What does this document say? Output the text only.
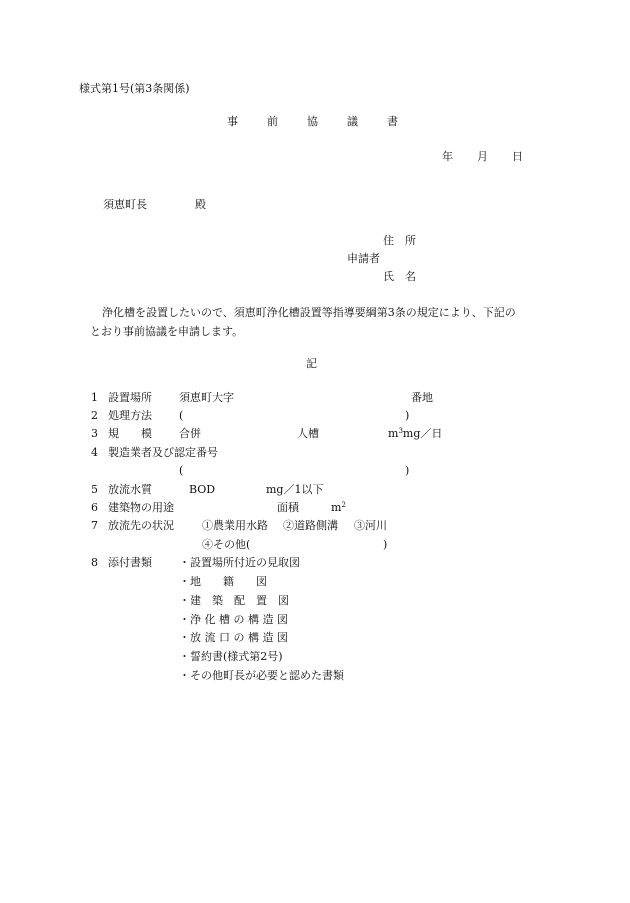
様式第1号(第3条関係)
事	前	協	議	書
年 月 日
須恵町長	殿
住　所
申請者
氏　名
浄化槽を設置したいので、須恵町浄化槽設置等指導要綱第3条の規定により、下記の
とおり事前協議を申請します。
記
1 設置場所 須恵町大字	番地
2 処理方法 (	)
3 規　　模 合併	人槽	$m^3mg/$日
4 製造業者及び認定番号
(	)
5 放流水質	BOD	mg／1以下
6 建築物の用途	面積	$m^2$
7 放流先の状況	①農業用水路 ②道路側溝 ③河川
④その他(	)
8 添付書類 ・設置場所付近の見取図
・地　　籍　　図
・建　築　配　置　図
・浄 化 槽 の 構 造 図
・放 流 口 の 構 造 図
・誓約書(様式第2号)
・その他町長が必要と認めた書類
